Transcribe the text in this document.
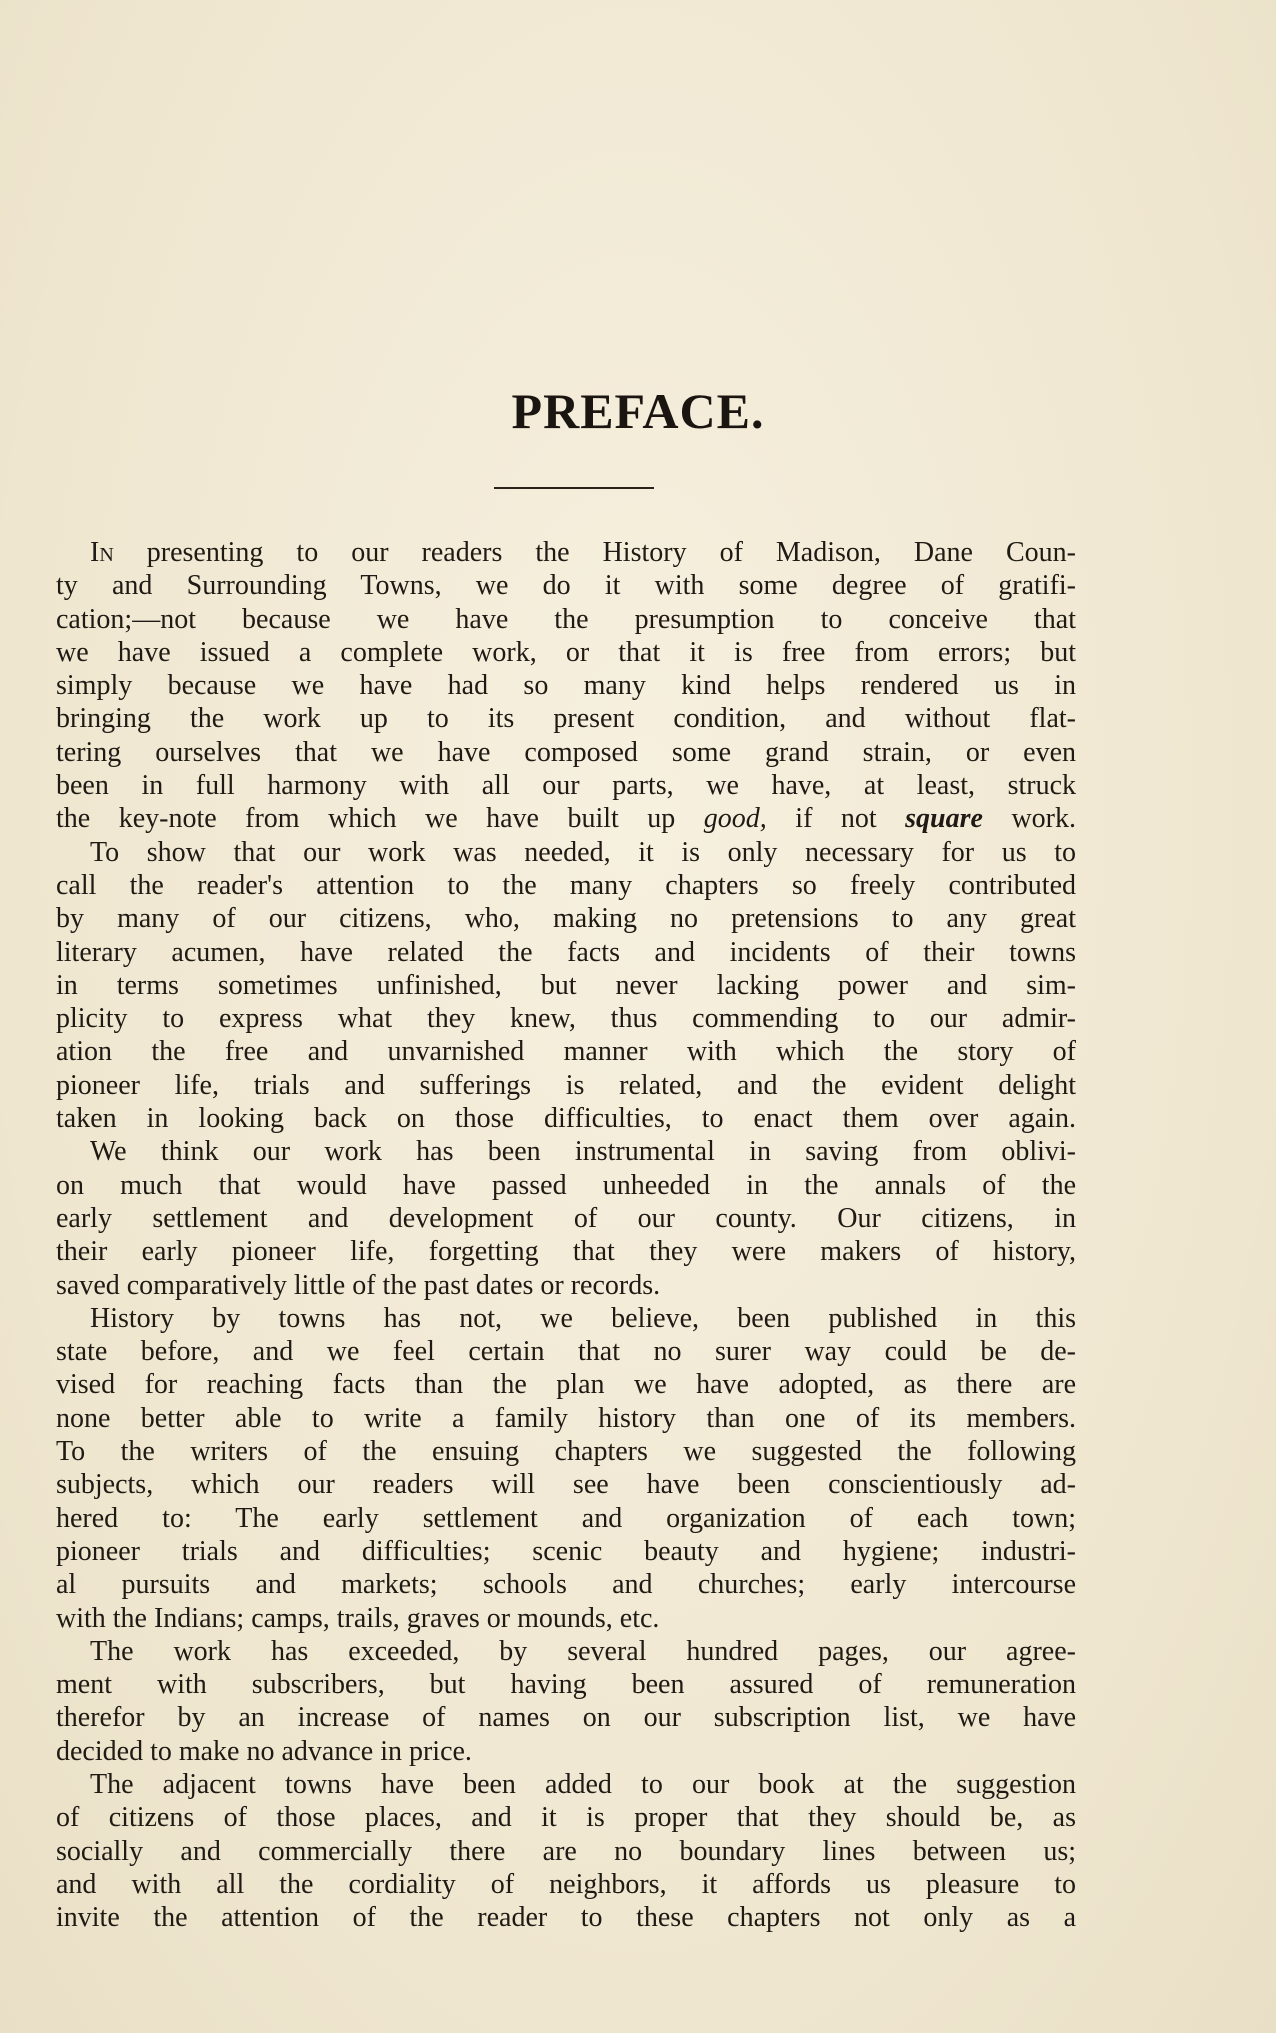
PREFACE.
In presenting to our readers the History of Madison, Dane Coun-
ty and Surrounding Towns, we do it with some degree of gratifi-
cation;—not because we have the presumption to conceive that
we have issued a complete work, or that it is free from errors; but
simply because we have had so many kind helps rendered us in
bringing the work up to its present condition, and without flat-
tering ourselves that we have composed some grand strain, or even
been in full harmony with all our parts, we have, at least, struck
the key-note from which we have built up good, if not square work.
To show that our work was needed, it is only necessary for us to
call the reader's attention to the many chapters so freely contributed
by many of our citizens, who, making no pretensions to any great
literary acumen, have related the facts and incidents of their towns
in terms sometimes unfinished, but never lacking power and sim-
plicity to express what they knew, thus commending to our admir-
ation the free and unvarnished manner with which the story of
pioneer life, trials and sufferings is related, and the evident delight
taken in looking back on those difficulties, to enact them over again.
We think our work has been instrumental in saving from oblivi-
on much that would have passed unheeded in the annals of the
early settlement and development of our county. Our citizens, in
their early pioneer life, forgetting that they were makers of history,
saved comparatively little of the past dates or records.
History by towns has not, we believe, been published in this
state before, and we feel certain that no surer way could be de-
vised for reaching facts than the plan we have adopted, as there are
none better able to write a family history than one of its members.
To the writers of the ensuing chapters we suggested the following
subjects, which our readers will see have been conscientiously ad-
hered to: The early settlement and organization of each town;
pioneer trials and difficulties; scenic beauty and hygiene; industri-
al pursuits and markets; schools and churches; early intercourse
with the Indians; camps, trails, graves or mounds, etc.
The work has exceeded, by several hundred pages, our agree-
ment with subscribers, but having been assured of remuneration
therefor by an increase of names on our subscription list, we have
decided to make no advance in price.
The adjacent towns have been added to our book at the suggestion
of citizens of those places, and it is proper that they should be, as
socially and commercially there are no boundary lines between us;
and with all the cordiality of neighbors, it affords us pleasure to
invite the attention of the reader to these chapters not only as a
